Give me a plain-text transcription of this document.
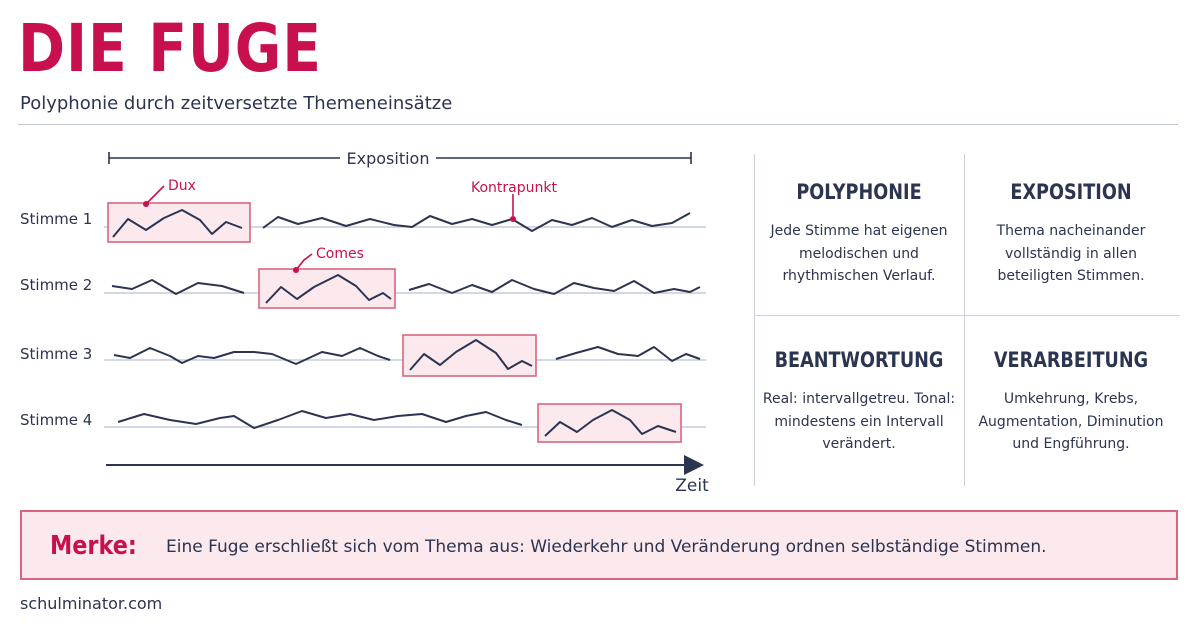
DIE FUGE
Polyphonie durch zeitversetzte Themeneinsätze
Exposition
Stimme 1
Stimme 2
Stimme 3
Stimme 4
Dux
Comes
Kontrapunkt
Zeit
POLYPHONIE

Jede Stimme hat eigenen melodischen und rhythmischen Verlauf.

EXPOSITION

Thema nacheinander vollständig in allen beteiligten Stimmen.

BEANTWORTUNG

Real: intervallgetreu. Tonal: mindestens ein Intervall verändert.

VERARBEITUNG

Umkehrung, Krebs, Augmentation, Diminution und Engführung.

Merke: Eine Fuge erschließt sich vom Thema aus: Wiederkehr und Veränderung ordnen selbständige Stimmen.
schulminator.com
